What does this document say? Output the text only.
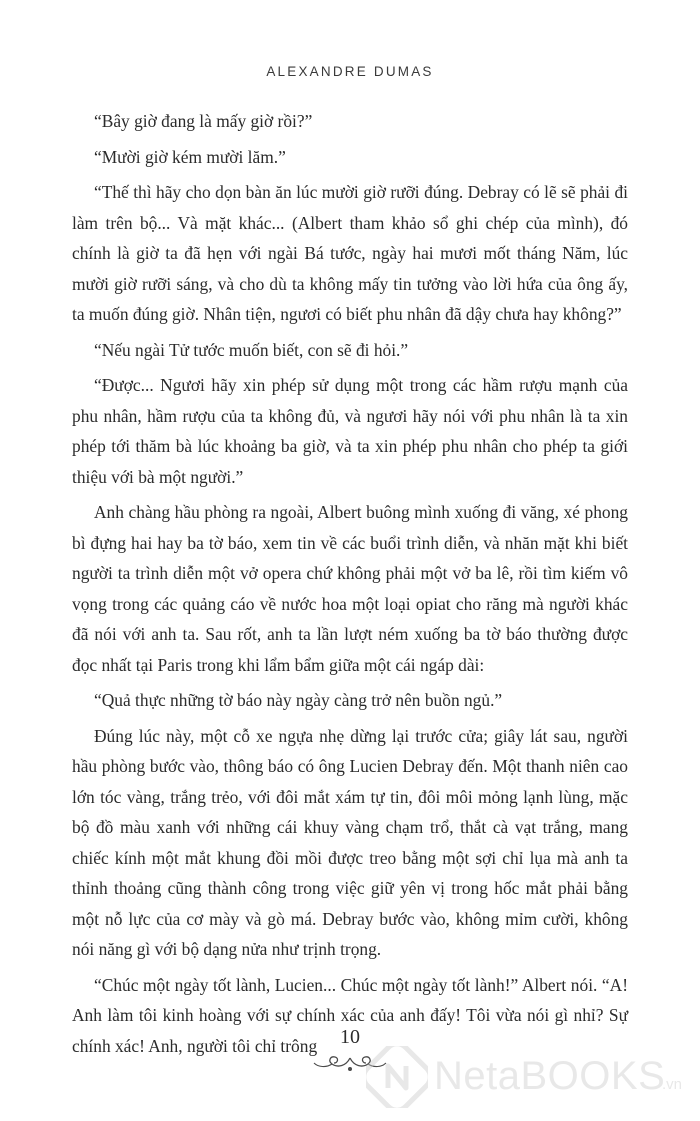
ALEXANDRE DUMAS

“Bây giờ đang là mấy giờ rồi?”

“Mười giờ kém mười lăm.”

“Thế thì hãy cho dọn bàn ăn lúc mười giờ rưỡi đúng. Debray có lẽ sẽ phải đi làm trên bộ... Và mặt khác... (Albert tham khảo sổ ghi chép của mình), đó chính là giờ ta đã hẹn với ngài Bá tước, ngày hai mươi mốt tháng Năm, lúc mười giờ rưỡi sáng, và cho dù ta không mấy tin tưởng vào lời hứa của ông ấy, ta muốn đúng giờ. Nhân tiện, ngươi có biết phu nhân đã dậy chưa hay không?”

“Nếu ngài Tử tước muốn biết, con sẽ đi hỏi.”

“Được... Ngươi hãy xin phép sử dụng một trong các hầm rượu mạnh của phu nhân, hầm rượu của ta không đủ, và ngươi hãy nói với phu nhân là ta xin phép tới thăm bà lúc khoảng ba giờ, và ta xin phép phu nhân cho phép ta giới thiệu với bà một người.”

Anh chàng hầu phòng ra ngoài, Albert buông mình xuống đi văng, xé phong bì đựng hai hay ba tờ báo, xem tin về các buổi trình diễn, và nhăn mặt khi biết người ta trình diễn một vở opera chứ không phải một vở ba lê, rồi tìm kiếm vô vọng trong các quảng cáo về nước hoa một loại opiat cho răng mà người khác đã nói với anh ta. Sau rốt, anh ta lần lượt ném xuống ba tờ báo thường được đọc nhất tại Paris trong khi lẩm bẩm giữa một cái ngáp dài:

“Quả thực những tờ báo này ngày càng trở nên buồn ngủ.”

Đúng lúc này, một cỗ xe ngựa nhẹ dừng lại trước cửa; giây lát sau, người hầu phòng bước vào, thông báo có ông Lucien Debray đến. Một thanh niên cao lớn tóc vàng, trắng trẻo, với đôi mắt xám tự tin, đôi môi mỏng lạnh lùng, mặc bộ đồ màu xanh với những cái khuy vàng chạm trổ, thắt cà vạt trắng, mang chiếc kính một mắt khung đồi mồi được treo bằng một sợi chỉ lụa mà anh ta thỉnh thoảng cũng thành công trong việc giữ yên vị trong hốc mắt phải bằng một nỗ lực của cơ mày và gò má. Debray bước vào, không mỉm cười, không nói năng gì với bộ dạng nửa như trịnh trọng.

“Chúc một ngày tốt lành, Lucien... Chúc một ngày tốt lành!” Albert nói. “A! Anh làm tôi kinh hoàng với sự chính xác của anh đấy! Tôi vừa nói gì nhỉ? Sự chính xác! Anh, người tôi chỉ trông	10
NetaBOOKS
.vn
